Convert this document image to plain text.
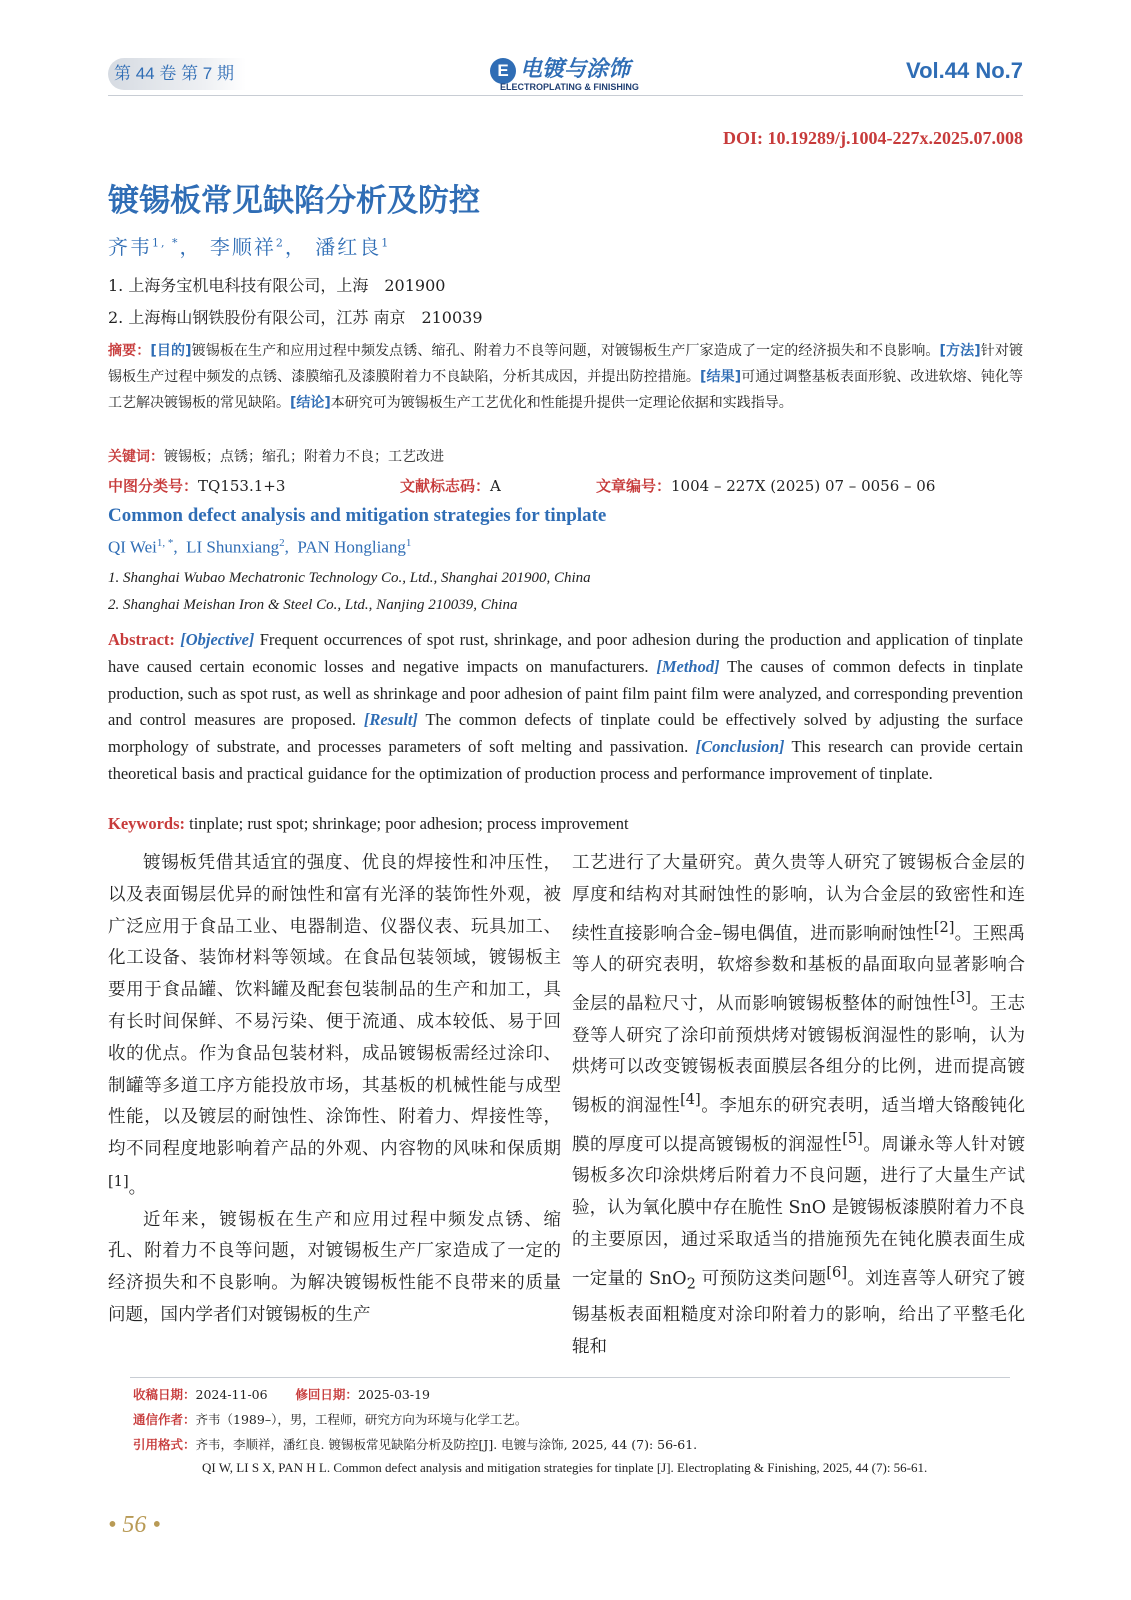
第 44 卷 第 7 期	E 电镀与涂饰
ELECTROPLATING & FINISHING
Vol.44 No.7
DOI: 10.19289/j.1004-227x.2025.07.008
镀锡板常见缺陷分析及防控
齐韦$^{1, *}$， 李顺祥$^2$， 潘红良$^1$
1. 上海务宝机电科技有限公司，上海　201900
2. 上海梅山钢铁股份有限公司，江苏 南京　210039
摘要：[目的]镀锡板在生产和应用过程中频发点锈、缩孔、附着力不良等问题，对镀锡板生产厂家造成了一定的经济损失和不良影响。[方法]针对镀锡板生产过程中频发的点锈、漆膜缩孔及漆膜附着力不良缺陷，分析其成因，并提出防控措施。[结果]可通过调整基板表面形貌、改进软熔、钝化等工艺解决镀锡板的常见缺陷。[结论]本研究可为镀锡板生产工艺优化和性能提升提供一定理论依据和实践指导。
关键词：镀锡板；点锈；缩孔；附着力不良；工艺改进
中图分类号：TQ153.1+3	文献标志码：A	文章编号：1004 – 227X (2025) 07 – 0056 – 06
Common defect analysis and mitigation strategies for tinplate
QI Wei$^{1, *}$,  LI Shunxiang$^2$,  PAN Hongliang$^1$
1. Shanghai Wubao Mechatronic Technology Co., Ltd., Shanghai 201900, China
2. Shanghai Meishan Iron & Steel Co., Ltd., Nanjing 210039, China
Abstract: [Objective] Frequent occurrences of spot rust, shrinkage, and poor adhesion during the production and application of tinplate have caused certain economic losses and negative impacts on manufacturers. [Method] The causes of common defects in tinplate production, such as spot rust, as well as shrinkage and poor adhesion of paint film paint film were analyzed, and corresponding prevention and control measures are proposed. [Result] The common defects of tinplate could be effectively solved by adjusting the surface morphology of substrate, and processes parameters of soft melting and passivation. [Conclusion] This research can provide certain theoretical basis and practical guidance for the optimization of production process and performance improvement of tinplate.
Keywords: tinplate; rust spot; shrinkage; poor adhesion; process improvement

镀锡板凭借其适宜的强度、优良的焊接性和冲压性，以及表面锡层优异的耐蚀性和富有光泽的装饰性外观，被广泛应用于食品工业、电器制造、仪器仪表、玩具加工、化工设备、装饰材料等领域。在食品包装领域，镀锡板主要用于食品罐、饮料罐及配套包装制品的生产和加工，具有长时间保鲜、不易污染、便于流通、成本较低、易于回收的优点。作为食品包装材料，成品镀锡板需经过涂印、制罐等多道工序方能投放市场，其基板的机械性能与成型性能，以及镀层的耐蚀性、涂饰性、附着力、焊接性等，均不同程度地影响着产品的外观、内容物的风味和保质期[1]。

近年来，镀锡板在生产和应用过程中频发点锈、缩孔、附着力不良等问题，对镀锡板生产厂家造成了一定的经济损失和不良影响。为解决镀锡板性能不良带来的质量问题，国内学者们对镀锡板的生产

工艺进行了大量研究。黄久贵等人研究了镀锡板合金层的厚度和结构对其耐蚀性的影响，认为合金层的致密性和连续性直接影响合金–锡电偶值，进而影响耐蚀性[2]。王熙禹等人的研究表明，软熔参数和基板的晶面取向显著影响合金层的晶粒尺寸，从而影响镀锡板整体的耐蚀性[3]。王志登等人研究了涂印前预烘烤对镀锡板润湿性的影响，认为烘烤可以改变镀锡板表面膜层各组分的比例，进而提高镀锡板的润湿性[4]。李旭东的研究表明，适当增大铬酸钝化膜的厚度可以提高镀锡板的润湿性[5]。周谦永等人针对镀锡板多次印涂烘烤后附着力不良问题，进行了大量生产试验，认为氧化膜中存在脆性 SnO 是镀锡板漆膜附着力不良的主要原因，通过采取适当的措施预先在钝化膜表面生成一定量的 SnO$_2$ 可预防这类问题[6]。刘连喜等人研究了镀锡基板表面粗糙度对涂印附着力的影响，给出了平整毛化辊和

收稿日期：2024-11-06 修回日期：2025-03-19
通信作者：齐韦（1989–），男，工程师，研究方向为环境与化学工艺。
引用格式：齐韦，李顺祥，潘红良. 镀锡板常见缺陷分析及防控[J]. 电镀与涂饰, 2025, 44 (7): 56-61.
QI W, LI S X, PAN H L. Common defect analysis and mitigation strategies for tinplate [J]. Electroplating & Finishing, 2025, 44 (7): 56-61.
• 56 •
